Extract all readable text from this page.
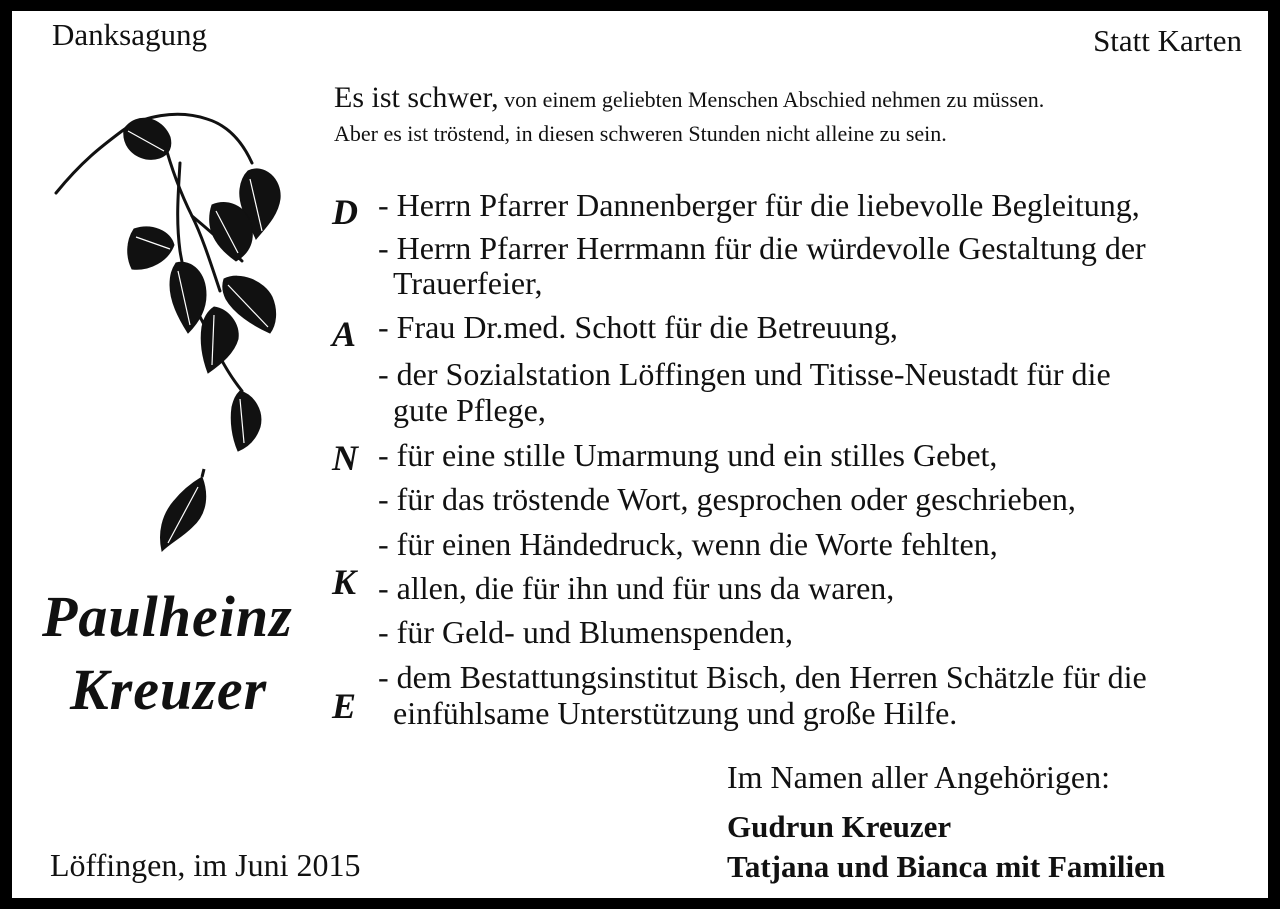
Danksagung	Statt Karten
Es ist schwer, von einem geliebten Menschen Abschied nehmen zu müssen.
Aber es ist tröstend, in diesen schweren Stunden nicht alleine zu sein.
D
A
N
K
E
- Herrn Pfarrer Dannenberger für die liebevolle Begleitung,
- Herrn Pfarrer Herrmann für die würdevolle Gestaltung der
Trauerfeier,
- Frau Dr.med. Schott für die Betreuung,
- der Sozialstation Löffingen und Titisse-Neustadt für die
gute Pflege,
- für eine stille Umarmung und ein stilles Gebet,
- für das tröstende Wort, gesprochen oder geschrieben,
- für einen Händedruck, wenn die Worte fehlten,
- allen, die für ihn und für uns da waren,
- für Geld- und Blumenspenden,
- dem Bestattungsinstitut Bisch, den Herren Schätzle für die
einfühlsame Unterstützung und große Hilfe.
Paulheinz
Kreuzer
Löffingen, im Juni 2015
Im Namen aller Angehörigen:
Gudrun Kreuzer
Tatjana und Bianca mit Familien
